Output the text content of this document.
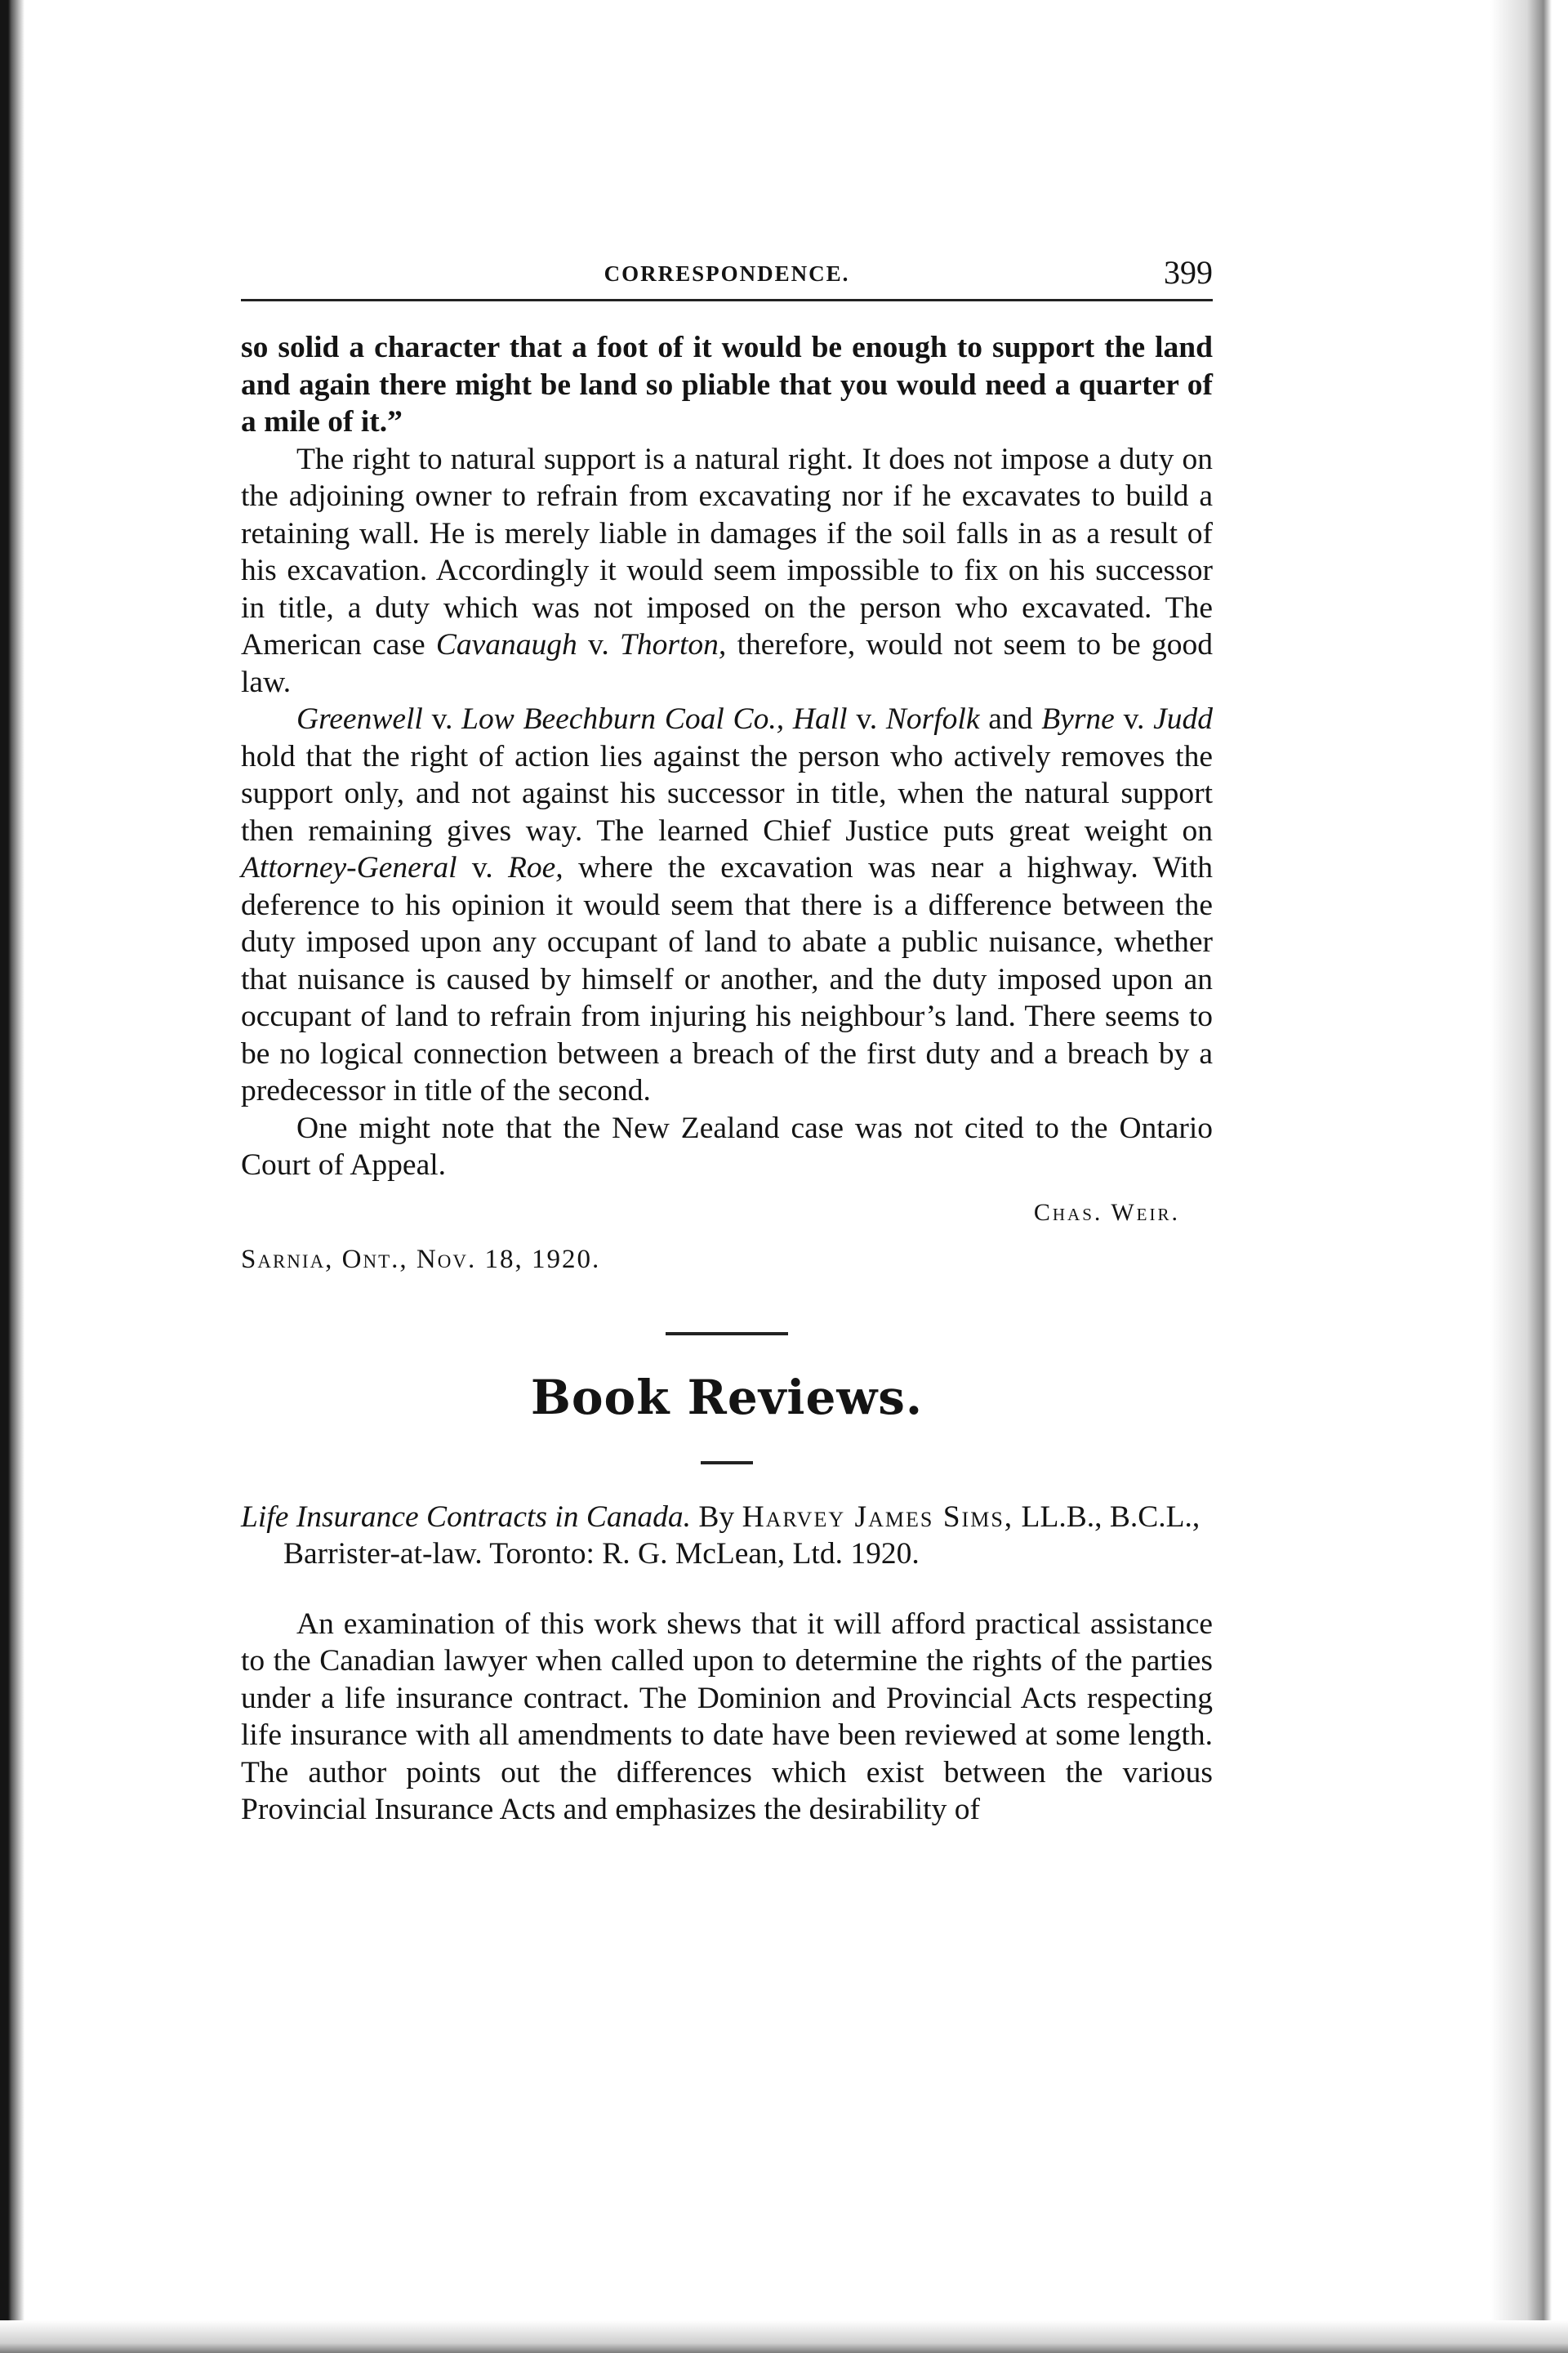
CORRESPONDENCE.	399

so solid a character that a foot of it would be enough to support the land and again there might be land so pliable that you would need a quarter of a mile of it.”

The right to natural support is a natural right. It does not impose a duty on the adjoining owner to refrain from excavating nor if he excavates to build a retaining wall. He is merely liable in damages if the soil falls in as a result of his excavation. Accordingly it would seem impossible to fix on his successor in title, a duty which was not imposed on the person who excavated. The American case Cavanaugh v. Thorton, therefore, would not seem to be good law.

Greenwell v. Low Beechburn Coal Co., Hall v. Norfolk and Byrne v. Judd hold that the right of action lies against the person who actively removes the support only, and not against his successor in title, when the natural support then remaining gives way. The learned Chief Justice puts great weight on Attorney-General v. Roe, where the excavation was near a highway. With deference to his opinion it would seem that there is a difference between the duty imposed upon any occupant of land to abate a public nuisance, whether that nuisance is caused by himself or another, and the duty imposed upon an occupant of land to refrain from injuring his neighbour’s land. There seems to be no logical connection between a breach of the first duty and a breach by a predecessor in title of the second.

One might note that the New Zealand case was not cited to the Ontario Court of Appeal.

Chas. Weir.
Sarnia, Ont., Nov. 18, 1920.
Book Reviews.
Life Insurance Contracts in Canada. By Harvey James Sims, LL.B., B.C.L., Barrister-at-law. Toronto: R. G. McLean, Ltd. 1920.

An examination of this work shews that it will afford practical assistance to the Canadian lawyer when called upon to determine the rights of the parties under a life insurance contract. The Dominion and Provincial Acts respecting life insurance with all amendments to date have been reviewed at some length. The author points out the differences which exist between the various Provincial Insurance Acts and emphasizes the desirability of
